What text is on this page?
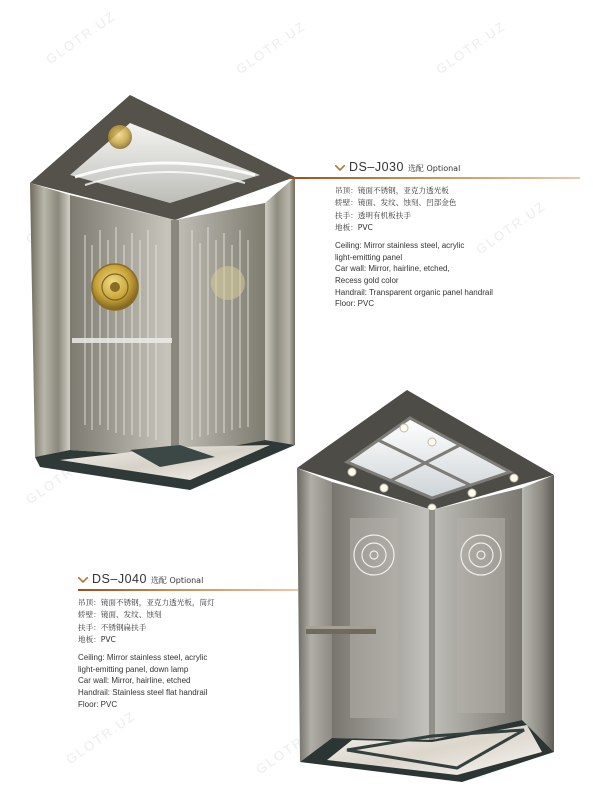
GLOTR.UZ	GLOTR.UZ	GLOTR.UZ
GLOTR.UZ
GLOTR.UZ
GLOTR.UZ	GLOTR.UZ
DS–J030 选配 Optional
吊顶：镜面不锈钢，亚克力透光板
轿壁：镜面、发纹、蚀刻、凹部金色
扶手：透明有机板扶手
地板：PVC
Ceiling: Mirror stainless steel, acrylic
light-emitting panel
Car wall: Mirror, hairline, etched,
Recess gold color
Handrail: Transparent organic panel handrail
Floor: PVC
DS–J040 选配 Optional
吊顶：镜面不锈钢，亚克力透光板，筒灯
轿壁：镜面、发纹、蚀刻
扶手：不锈钢扁扶手
地板：PVC
Ceiling: Mirror stainless steel, acrylic
light-emitting panel, down lamp
Car wall: Mirror, hairline, etched
Handrail: Stainless steel flat handrail
Floor: PVC
